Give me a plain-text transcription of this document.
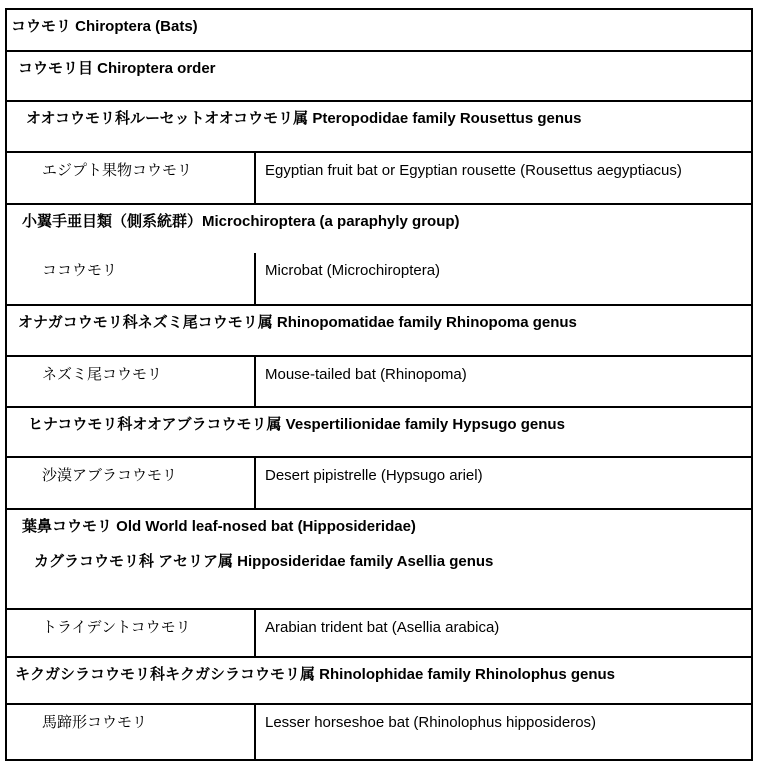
コウモリ Chiroptera (Bats)	
コウモリ目 Chiroptera order	
オオコウモリ科ルーセットオオコウモリ属 Pteropodidae family Rousettus genus	
エジプト果物コウモリ	Egyptian fruit bat or Egyptian rousette (Rousettus aegyptiacus)
小翼手亜目類（側系統群）Microchiroptera (a paraphyly group)	
ココウモリ	Microbat (Microchiroptera)
オナガコウモリ科ネズミ尾コウモリ属 Rhinopomatidae family Rhinopoma genus	
ネズミ尾コウモリ	Mouse-tailed bat (Rhinopoma)
ヒナコウモリ科オオアブラコウモリ属 Vespertilionidae family Hypsugo genus	
沙漠アブラコウモリ	Desert pipistrelle (Hypsugo ariel)

葉鼻コウモリ Old World leaf-nosed bat (Hipposideridae)

カグラコウモリ科 アセリア属 Hipposideridae family Asellia genus	

トライデントコウモリ	Arabian trident bat (Asellia arabica)
キクガシラコウモリ科キクガシラコウモリ属 Rhinolophidae family Rhinolophus genus	
馬蹄形コウモリ	Lesser horseshoe bat (Rhinolophus hipposideros)
